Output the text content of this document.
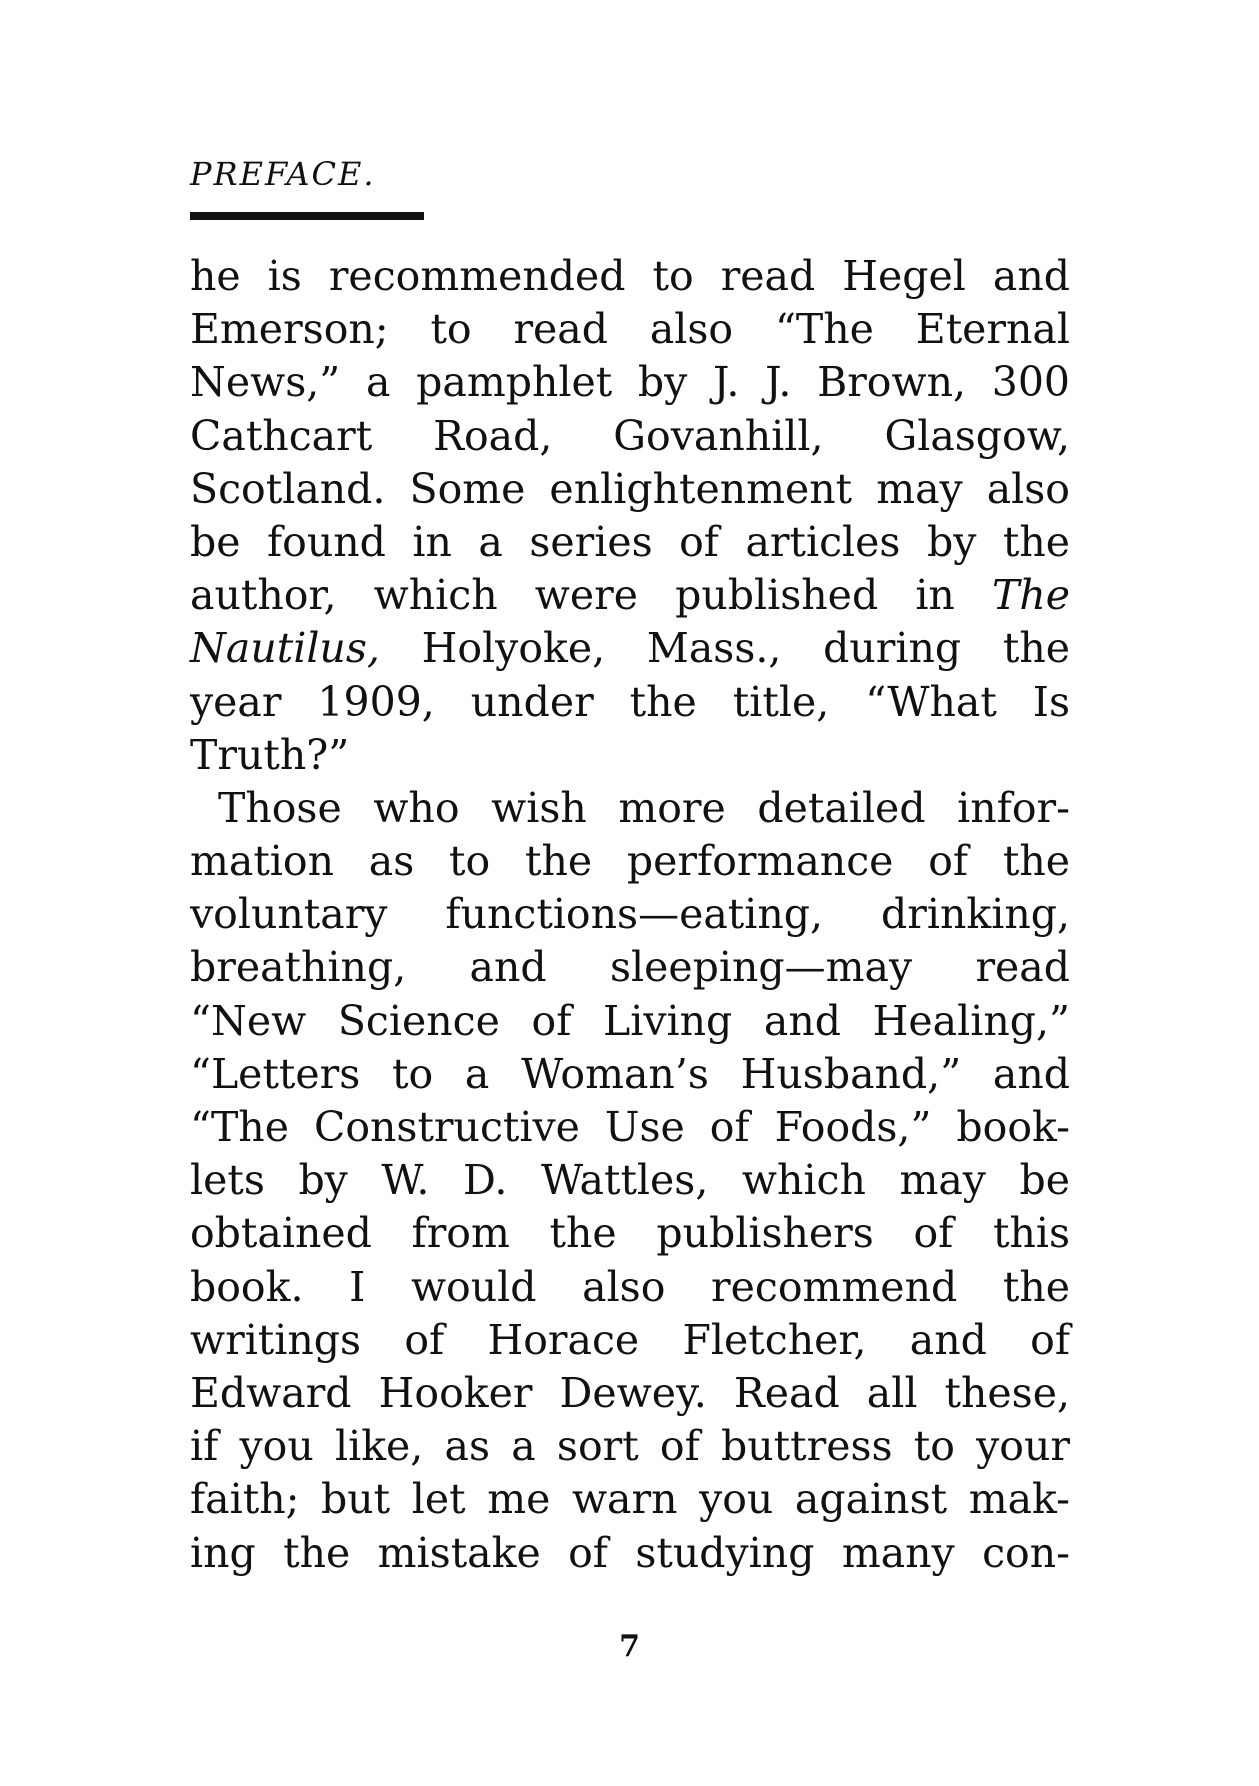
PREFACE.
he is recommended to read Hegel and
Emerson; to read also “The Eternal
News,” a pamphlet by J. J. Brown, 300
Cathcart Road, Govanhill, Glasgow,
Scotland. Some enlightenment may also
be found in a series of articles by the
author, which were published in The
Nautilus, Holyoke, Mass., during the
year 1909, under the title, “What Is
Truth?”
Those who wish more detailed infor-
mation as to the performance of the
voluntary functions—eating, drinking,
breathing, and sleeping—may read
“New Science of Living and Healing,”
“Letters to a Woman’s Husband,” and
“The Constructive Use of Foods,” book-
lets by W. D. Wattles, which may be
obtained from the publishers of this
book. I would also recommend the
writings of Horace Fletcher, and of
Edward Hooker Dewey. Read all these,
if you like, as a sort of buttress to your
faith; but let me warn you against mak-
ing the mistake of studying many con-
7
